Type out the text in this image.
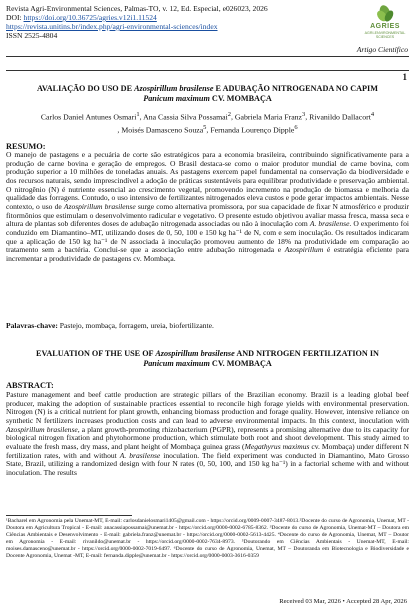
Revista Agri-Environmental Sciences, Palmas-TO, v. 12, Ed. Especial, e026023, 2026
DOI: https://doi.org/10.36725/agries.v12i1.11524
https://revista.unitins.br/index.php/agri-environmental-sciences/index
ISSN 2525-4804
AGRIES
AGRI-ENVIRONMENTAL SCIENCES
Artigo Científico
1
AVALIAÇÃO DO USO DE Azospirillum brasilense E ADUBAÇÃO NITROGENADA NO CAPIM
Panicum maximum CV. MOMBAÇA
Carlos Daniel Antunes Osmari$^1$, Ana Cassia Silva Possamai$^2$, Gabriela Maria Franz$^3$, Rivanildo Dallacort$^4$
, Moisés Damasceno Souza$^5$, Fernanda Lourenço Dipple$^6$
RESUMO:
O manejo de pastagens e a pecuária de corte são estratégicos para a economia brasileira, contribuindo significativamente para a produção de carne bovina e geração de empregos. O Brasil destaca-se como o maior produtor mundial de carne bovina, com produção superior a 10 milhões de toneladas anuais. As pastagens exercem papel fundamental na conservação da biodiversidade e dos recursos naturais, sendo imprescindível a adoção de práticas sustentáveis para equilibrar produtividade e preservação ambiental. O nitrogênio (N) é nutriente essencial ao crescimento vegetal, promovendo incremento na produção de biomassa e melhoria da qualidade das forragens. Contudo, o uso intensivo de fertilizantes nitrogenados eleva custos e pode gerar impactos ambientais. Nesse contexto, o uso de Azospirillum brasilense surge como alternativa promissora, por sua capacidade de fixar N atmosférico e produzir fitormônios que estimulam o desenvolvimento radicular e vegetativo. O presente estudo objetivou avaliar massa fresca, massa seca e altura de plantas sob diferentes doses de adubação nitrogenada associadas ou não à inoculação com A. brasilense. O experimento foi conduzido em Diamantino–MT, utilizando doses de 0, 50, 100 e 150 kg ha⁻¹ de N, com e sem inoculação. Os resultados indicaram que a aplicação de 150 kg ha⁻¹ de N associada à inoculação promoveu aumento de 18% na produtividade em comparação ao tratamento sem a bactéria. Conclui-se que a associação entre adubação nitrogenada e Azospirillum é estratégia eficiente para incrementar a produtividade de pastagens cv. Mombaça.
Palavras-chave: Pastejo, mombaça, forragem, ureia, biofertilizante.
EVALUATION OF THE USE OF Azospirillum brasilense AND NITROGEN FERTILIZATION IN
Panicum maximum CV. MOMBAÇA
ABSTRACT:
Pasture management and beef cattle production are strategic pillars of the Brazilian economy. Brazil is a leading global beef producer, making the adoption of sustainable practices essential to reconcile high forage yields with environmental preservation. Nitrogen (N) is a critical nutrient for plant growth, enhancing biomass production and forage quality. However, intensive reliance on synthetic N fertilizers increases production costs and can lead to adverse environmental impacts. In this context, inoculation with Azospirillum brasilense, a plant growth-promoting rhizobacterium (PGPR), represents a promising alternative due to its capacity for biological nitrogen fixation and phytohormone production, which stimulate both root and shoot development. This study aimed to evaluate the fresh mass, dry mass, and plant height of Mombaça guinea grass (Megathyrus maximus cv. Mombaça) under different N fertilization rates, with and without A. brasilense inoculation. The field experiment was conducted in Diamantino, Mato Grosso State, Brazil, utilizing a randomized design with four N rates (0, 50, 100, and 150 kg ha⁻¹) in a factorial scheme with and without inoculation. The results
¹Bacharel em Agronomia pela Unemat-MT, E-mail: carlosdanielosmari1405@gmail.com - https://orcid.org/0009-0007-3487-8013.²Docente do curso de Agronomia, Unemat, MT - Doutora em Agricultura Tropical - E-mail: anacassiapossamai@unemat.br - https://orcid.org/0000-0002-6785-8362. ³Docente do curso de Agronomia, Unemat-MT – Doutora em Ciências Ambientais e Desenvolvimento - E-mail: gabriela.franz@unemat.br - https://orcid.org/0000-0002-5613-4425. ⁴Docente do curso de Agronomia, Unemat, MT – Doutor em Agronomia - E-mail: rivanildo@unemat.br - https://orcid.org/0000-0002-7634-8973. ⁵Doutorando em Ciências Ambientais - Unemat-MT, E-mail: moises.damasceno@unemat.br - https://orcid.org/0000-0002-7019-6497. ⁶Docente do curso de Agronomia, Unemat, MT – Doutoranda em Biotecnologia e Biodiversidade e Docente Agronomia, Unemat -MT, E-mail: fernanda.dipple@unemat.br - https://orcid.org/0000-0003-3616-0359
Received 03 Mar, 2026 • Accepted 28 Apr, 2026
